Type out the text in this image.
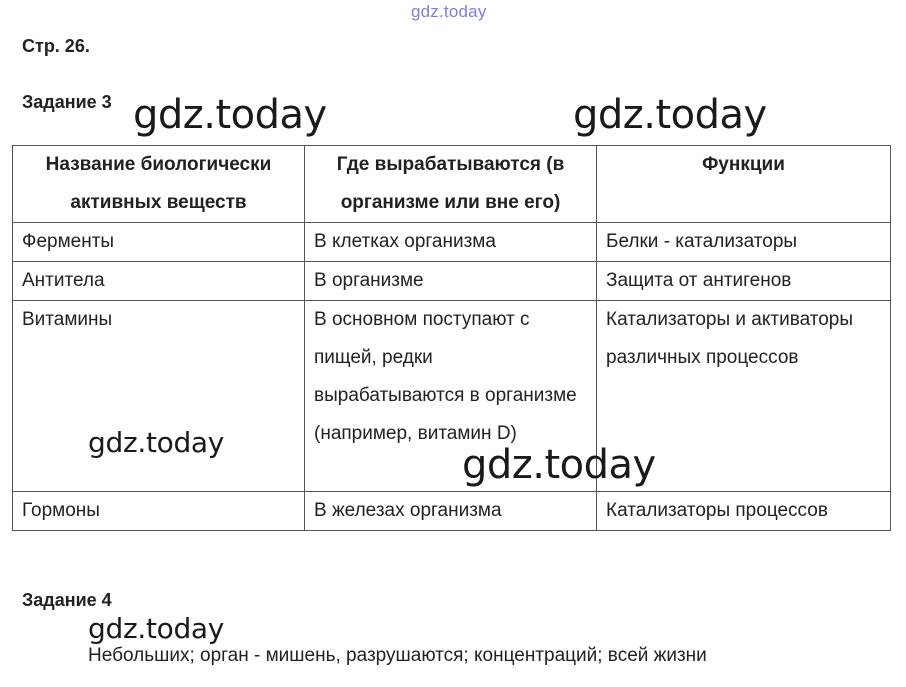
gdz.today
Стр. 26.
Задание 3 gdz.today	gdz.today
Название биологически активных веществ	Где вырабатываются (в организме или вне его)	Функции

Ферменты	В клетках организма	Белки - катализаторы
Антитела	В организме	Защита от антигенов
Витамины	В основном поступают с пищей, редки вырабатываются в организме (например, витамин D)	Катализаторы и активаторы различных процессов
Гормоны	В железах организма	Катализаторы процессов
gdz.today	gdz.today
Задание 4
gdz.today
Небольших; орган - мишень, разрушаются; концентраций; всей жизни
